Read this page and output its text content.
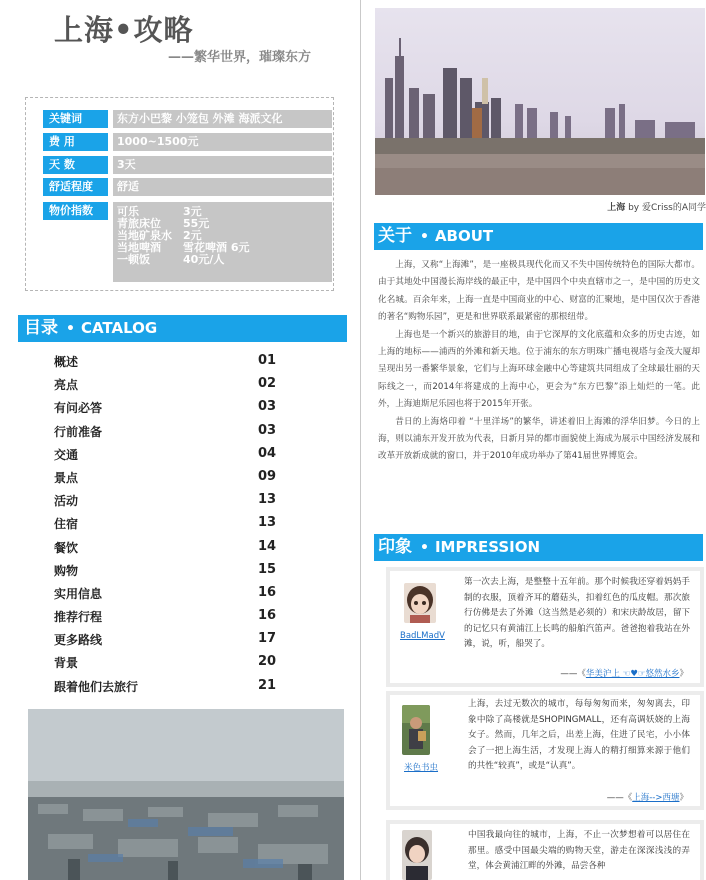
上海•攻略
——繁华世界，璀璨东方
关键词	东方小巴黎 小笼包 外滩 海派文化
费 用	1000~1500元
天 数	3天
舒适程度	舒适
物价指数	可乐	3元
青旅床位	55元
当地矿泉水	2元
当地啤酒	雪花啤酒 6元
一顿饭	40元/人
目录 • CATALOG
概述	01
亮点	02
有问必答	03
行前准备	03
交通	04
景点	09
活动	13
住宿	13
餐饮	14
购物	15
实用信息	16
推荐行程	16
更多路线	17
背景	20
跟着他们去旅行	21
上海 by 爱Criss的A同学
关于 • ABOUT

上海，又称“上海滩”，是一座极具现代化而又不失中国传统特色的国际大都市。由于其地处中国漫长海岸线的最正中，是中国四个中央直辖市之一，是中国的历史文化名城。百余年来，上海一直是中国商业的中心、财富的汇聚地，是中国仅次于香港的著名“购物乐园”，更是和世界联系最紧密的那根纽带。

上海也是一个新兴的旅游目的地，由于它深厚的文化底蕴和众多的历史古迹，如上海的地标——浦西的外滩和新天地。位于浦东的东方明珠广播电视塔与金茂大厦却呈现出另一番繁华景象，它们与上海环球金融中心等建筑共同组成了全球最壮丽的天际线之一，而2014年将建成的上海中心，更会为“东方巴黎”添上灿烂的一笔。此外，上海迪斯尼乐园也将于2015年开张。

昔日的上海烙印着 “十里洋场”的繁华，讲述着旧上海滩的浮华旧梦。今日的上海，则以浦东开发开放为代表，日新月异的都市面貌使上海成为展示中国经济发展和改革开放新成就的窗口，并于2010年成功举办了第41届世界博览会。

印象 • IMPRESSION
BadLMadV
第一次去上海，是整整十五年前。那个时候我还穿着妈妈手制的衣服，顶着齐耳的蘑菇头，扣着红色的瓜皮帽。那次旅行仿佛是去了外滩（这当然是必须的）和宋庆龄故居，留下的记忆只有黄浦江上长鸣的船舶汽笛声。爸爸抱着我站在外滩，说，听，船哭了。
——《华美沪上 ☜♥☞悠然水乡》
米色书虫
上海，去过无数次的城市，每每匆匆而来，匆匆离去，印象中除了高楼就是SHOPINGMALL，还有高调妖娆的上海女子。然而，几年之后，出差上海，住进了民宅，小小体会了一把上海生活，才发现上海人的精打细算来源于他们的共性“较真”，或是“认真”。
——《上海-->西塘》
中国我最向往的城市，上海，不止一次梦想着可以居住在那里。感受中国最尖端的购物天堂，游走在深深浅浅的弄堂，体会黄浦江畔的外滩，品尝各种
